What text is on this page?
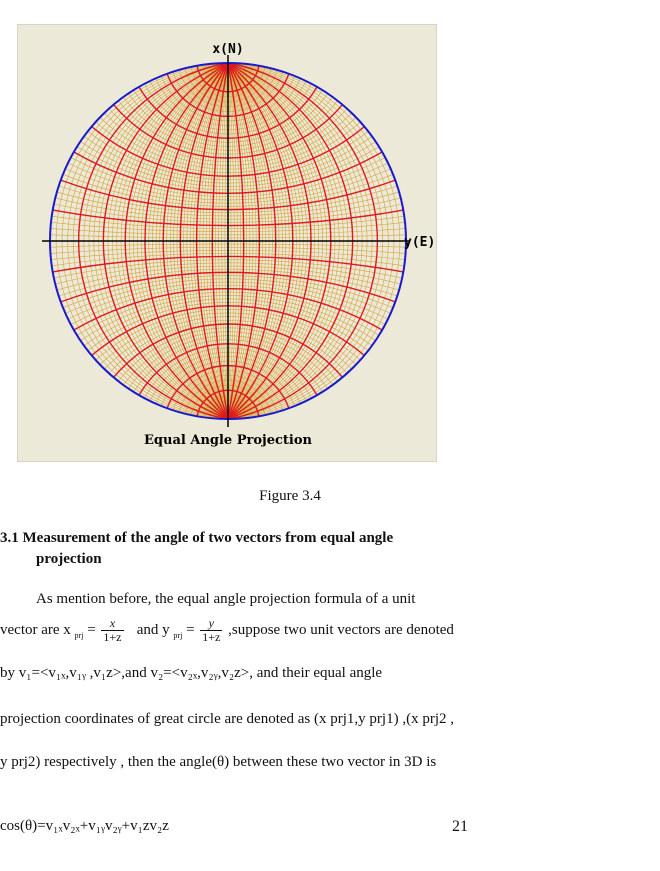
x(N)
y(E)
Equal Angle Projection
Figure 3.4
3.1 Measurement of the angle of two vectors from equal angle
projection
As mention before, the equal angle projection formula of a unit
vector are x $_{prj} = \frac{x}{1+z}$ and y $_{prj} = \frac{y}{1+z}$ ,suppose two unit vectors are denoted
by v₁=<v₁ₓ,v₁ᵧ ,v₁z>,and v₂=<v₂ₓ,v₂ᵧ,v₂z>, and their equal angle
projection coordinates of great circle are denoted as (x prj1,y prj1) ,(x prj2 ,
y prj2) respectively , then the angle(θ) between these two vector in 3D is
cos(θ)=v₁ₓv₂ₓ+v₁ᵧv₂ᵧ+v₁zv₂z	21
